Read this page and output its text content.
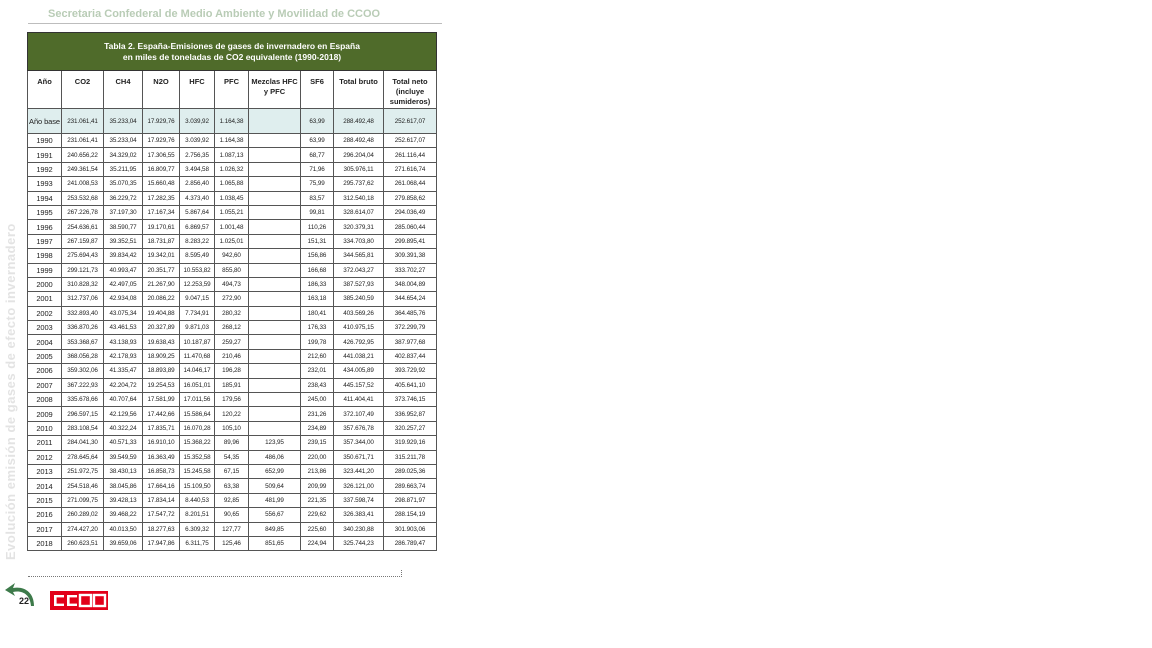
Secretaria Confederal de Medio Ambiente y Movilidad de CCOO
Evolución emisión de gases de efecto invernadero
Tabla 2. España-Emisiones de gases de invernadero en España
en miles de toneladas de CO2 equivalente (1990-2018)									

Año	CO2	CH4	N2O	HFC	PFC	Mezclas HFC y PFC	SF6	Total bruto	Total neto (incluye sumideros)
Año base	231.061,41	35.233,04	17.929,76	3.039,92	1.164,38		63,99	288.492,48	252.617,07
1990	231.061,41	35.233,04	17.929,76	3.039,92	1.164,38		63,99	288.492,48	252.617,07
1991	240.656,22	34.329,02	17.306,55	2.756,35	1.087,13		68,77	296.204,04	261.116,44
1992	249.361,54	35.211,95	16.809,77	3.494,58	1.026,32		71,96	305.976,11	271.616,74
1993	241.008,53	35.070,35	15.660,48	2.856,40	1.065,88		75,99	295.737,62	261.068,44
1994	253.532,68	36.229,72	17.282,35	4.373,40	1.038,45		83,57	312.540,18	279.858,62
1995	267.226,78	37.197,30	17.167,34	5.867,64	1.055,21		99,81	328.614,07	294.036,49
1996	254.636,61	38.590,77	19.170,61	6.869,57	1.001,48		110,26	320.379,31	285.060,44
1997	267.159,87	39.352,51	18.731,87	8.283,22	1.025,01		151,31	334.703,80	299.895,41
1998	275.694,43	39.834,42	19.342,01	8.595,49	942,60		156,86	344.565,81	309.391,38
1999	299.121,73	40.993,47	20.351,77	10.553,82	855,80		166,68	372.043,27	333.702,27
2000	310.828,32	42.497,05	21.267,90	12.253,59	494,73		186,33	387.527,93	348.004,89
2001	312.737,06	42.934,08	20.086,22	9.047,15	272,90		163,18	385.240,59	344.654,24
2002	332.893,40	43.075,34	19.404,88	7.734,91	280,32		180,41	403.569,26	364.485,76
2003	336.870,26	43.461,53	20.327,89	9.871,03	268,12		176,33	410.975,15	372.299,79
2004	353.368,67	43.138,93	19.638,43	10.187,87	259,27		199,78	426.792,95	387.977,68
2005	368.056,28	42.178,93	18.909,25	11.470,68	210,46		212,60	441.038,21	402.837,44
2006	359.302,06	41.335,47	18.893,89	14.046,17	196,28		232,01	434.005,89	393.729,92
2007	367.222,93	42.204,72	19.254,53	16.051,01	185,91		238,43	445.157,52	405.641,10
2008	335.678,66	40.707,64	17.581,99	17.011,56	179,56		245,00	411.404,41	373.746,15
2009	296.597,15	42.129,56	17.442,66	15.586,64	120,22		231,26	372.107,49	336.952,87
2010	283.108,54	40.322,24	17.835,71	16.070,28	105,10		234,89	357.676,78	320.257,27
2011	284.041,30	40.571,33	16.910,10	15.368,22	89,96	123,95	239,15	357.344,00	319.929,16
2012	278.645,64	39.549,59	16.363,49	15.352,58	54,35	486,06	220,00	350.671,71	315.211,78
2013	251.972,75	38.430,13	16.858,73	15.245,58	67,15	652,99	213,86	323.441,20	289.025,36
2014	254.518,46	38.045,86	17.664,16	15.109,50	63,38	509,64	209,99	326.121,00	289.663,74
2015	271.099,75	39.428,13	17.834,14	8.440,53	92,85	481,99	221,35	337.598,74	298.871,97
2016	260.289,02	39.468,22	17.547,72	8.201,51	90,65	556,67	229,62	326.383,41	288.154,19
2017	274.427,20	40.013,50	18.277,63	6.309,32	127,77	849,85	225,60	340.230,88	301.903,06
2018	260.623,51	39.659,06	17.947,86	6.311,75	125,46	851,65	224,94	325.744,23	286.789,47
22
